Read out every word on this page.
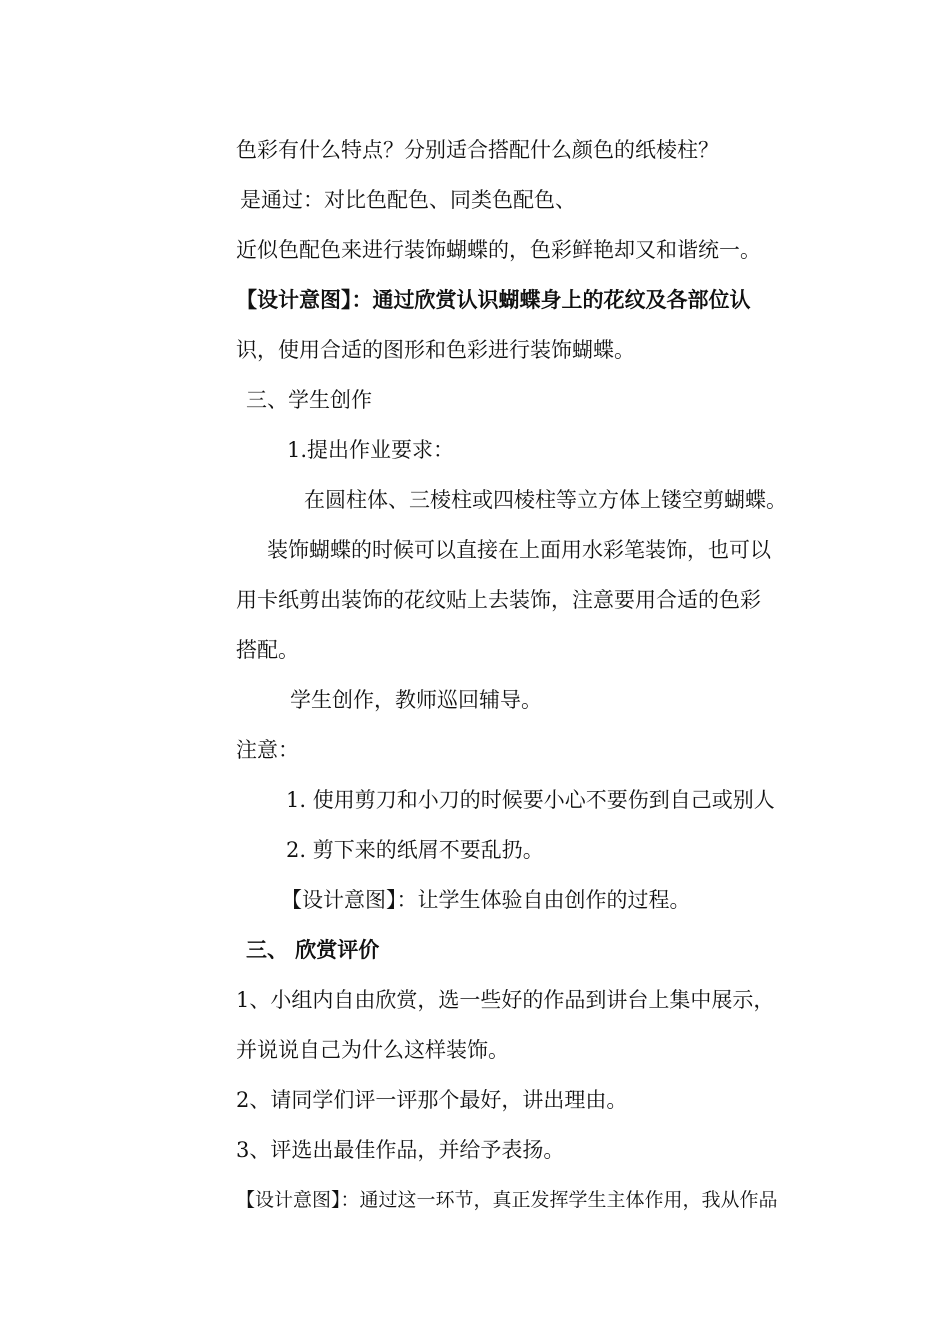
色彩有什么特点？分别适合搭配什么颜色的纸棱柱？
是通过：对比色配色、同类色配色、
近似色配色来进行装饰蝴蝶的，色彩鲜艳却又和谐统一。
【设计意图】：通过欣赏认识蝴蝶身上的花纹及各部位认
识，使用合适的图形和色彩进行装饰蝴蝶。
三、学生创作
1.提出作业要求：
在圆柱体、三棱柱或四棱柱等立方体上镂空剪蝴蝶。
装饰蝴蝶的时候可以直接在上面用水彩笔装饰，也可以
用卡纸剪出装饰的花纹贴上去装饰，注意要用合适的色彩
搭配。
学生创作，教师巡回辅导。
注意：
1. 使用剪刀和小刀的时候要小心不要伤到自己或别人
2. 剪下来的纸屑不要乱扔。
【设计意图】：让学生体验自由创作的过程。
三、 欣赏评价
1、小组内自由欣赏，选一些好的作品到讲台上集中展示，
并说说自己为什么这样装饰。
2、请同学们评一评那个最好，讲出理由。
3、评选出最佳作品，并给予表扬。
【设计意图】：通过这一环节，真正发挥学生主体作用，我从作品
